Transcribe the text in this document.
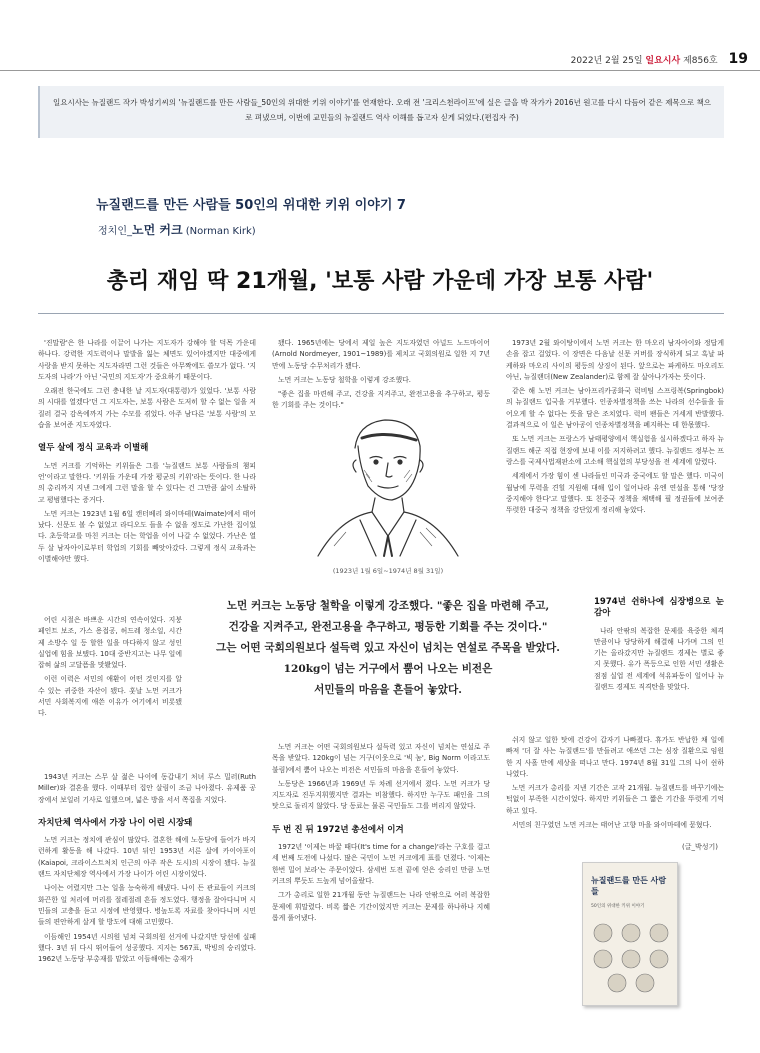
2022년 2월 25일 일요시사 제856호 19

일요시사는 뉴질랜드 작가 박성기씨의 '뉴질랜드를 만든 사람들_50인의 위대한 키위 이야기'를 연재한다. 오래 전 '크리스천라이프'에 실은 글을 박 작가가 2016년 원고를 다시 다듬어 같은 제목으로 책으로 펴냈으며, 이번에 교민들의 뉴질랜드 역사 이해를 돕고자 싣게 되었다.(편집자 주)

뉴질랜드를 만든 사람들 50인의 위대한 키위 이야기 7
정치인_노먼 커크 (Norman Kirk)
총리 재임 딱 21개월, '보통 사람 가운데 가장 보통 사람'

'진말람'은 한 나라를 이끌어 나가는 지도자가 강해야 할 덕목 가운데 하나다. 강력한 지도력이나 말발을 잃는 체면도 있어야겠지만 대중에게 사랑을 받지 못하는 지도자라면 그런 것들은 아무짝에도 쓸모가 없다. '지도자의 나라'가 아닌 '국민의 지도자'가 중요하기 때문이다.

오래전 한국에도 그런 충내한 날 지도자(대통령)가 있었다. '보통 사람의 시대를 열겠다'던 그 지도자는, 보통 사람은 도저히 할 수 없는 일을 저질러 결국 감옥에까지 가는 수모를 겪었다. 아주 남다른 '보통 사람'의 모습을 보여준 지도자였다.

열두 살에 정식 교육과 이별해

노먼 커크를 기억하는 키위들은 그를 '뉴질랜드 보통 사람들의 챔피언'이라고 말한다. '키위들 가운데 가장 평균의 키위'라는 뜻이다. 한 나라의 총리까지 지낸 그에게 그런 말을 할 수 있다는 건 그만큼 삶이 소탈하고 평범했다는 증거다.

노먼 커크는 1923년 1월 6일 캔터베리 와이마테(Waimate)에서 태어났다. 신문도 볼 수 없었고 라디오도 들을 수 없을 정도로 가난한 집이었다. 초등학교를 마친 커크는 더는 학업을 이어 나갈 수 없었다. 가난은 열두 살 남자아이로부터 학업의 기회를 빼앗아갔다. 그렇게 정식 교육과는 이별해야만 했다.

어린 시절은 바쁘운 시간의 연속이었다. 지붕 페인트 보조, 가스 용접공, 허드레 청소일, 시간제 소방수 일 등 할한 일을 마다하지 않고 성인 실업에 힘을 보탰다. 10대 중반지고는 나무 일에 잡혀 삶의 고달픔을 맛봤었다.

이런 이력은 서민의 애환이 어떤 것인지를 알 수 있는 귀중한 자산이 됐다. 훗날 노먼 커크가 서민 사회복지에 애쓴 이유가 여기에서 비롯됐다.

1943년 커크는 스무 살 젊은 나이에 동갑내기 처녀 루스 밀러(Ruth Miller)와 결혼을 했다. 이때부터 집안 살림이 조금 나아졌다. 유제품 공장에서 보일러 기사로 일했으며, 넓은 방을 서서 쪽집을 지었다.

자치단체 역사에서 가장 나이 어린 시장돼

노먼 커크는 정치에 관심이 많았다. 결혼한 해에 노동당에 들어가 바지런하게 활동을 해 나갔다. 10년 뒤인 1953년 서른 살에 카이아포이(Kaiapoi, 크라이스트처치 인근의 아주 작은 도시)의 시장이 됐다. 뉴질랜드 자치단체장 역사에서 가장 나이가 어린 시장이었다.

나이는 어렸지만 그는 일을 능숙하게 해냈다. 나이 든 관료들이 커크의 화끈한 일 처리에 머리를 절레절레 흔들 정도였다. 행정을 잘아다니며 시민들의 고충을 듣고 시정에 반영했다. 병높도록 자료를 찾아다니며 시민들의 편안하게 살게 할 방도에 대해 고민했다.

이듬해인 1954년 시의원 넘쳐 국회의원 선거에 나갔지만 당선에 실패했다. 3년 뒤 다시 뛰어들어 성공했다. 지지는 567표, 박빙의 승리였다. 1962년 노동당 부총재를 맡았고 이듬해에는 총재가

됐다. 1965년에는 당에서 제일 높은 지도자였던 아널드 노드마이어(Arnold Nordmeyer, 1901~1989)를 제치고 국회의원로 일한 지 7년 만에 노동당 수무처리가 됐다.

노먼 커크는 노동당 철학을 이렇게 강조했다.

"좋은 집을 마련해 주고, 건강을 지켜주고, 완전고용을 추구하고, 평등한 기회를 주는 것이다."

노먼 커크는 어떤 국회의원보다 설득력 있고 자신이 넘치는 연설로 주목을 받았다. 120kg이 넘는 거구(이웃으로 '빅 놈', Big Norm 이라고도 불림)에서 뿜어 나오는 비전은 서민들의 마음을 흔들어 놓았다.

노동당은 1966년과 1969년 두 차례 선거에서 졌다. 노먼 커크가 당 지도자로 진두지휘했지만 결과는 비참했다. 하지만 누구도 패인을 그의 탓으로 돌리지 않았다. 당 동료는 물론 국민들도 그를 버리지 않았다.

두 번 진 뒤 1972년 총선에서 이겨

1972년 '이제는 바꿀 때다(It's time for a change)'라는 구호를 걸고 세 번째 도전에 나섰다. 많은 국민이 노먼 커크에게 표를 던졌다. '이제는 한번 밀어 보라'는 주문이었다. 삼세번 도전 끝에 얻은 승리인 만큼 노먼 커크의 뿌듯도 드높게 넘어올랐다.

그가 총리로 일한 21개월 동안 뉴질랜드는 나라 안팎으로 여러 복잡한 문제에 휘말렸다. 비록 짧은 기간이었지만 커크는 문제를 하나하나 지혜롭게 풀어냈다.

(1923년 1월 6일~1974년 8월 31일)
노먼 커크는 노동당 철학을 이렇게 강조했다. "좋은 집을 마련해 주고,
건강을 지켜주고, 완전고용을 추구하고, 평등한 기회를 주는 것이다."
그는 어떤 국회의원보다 설득력 있고 자신이 넘치는 연설로 주목을 받았다.
120kg이 넘는 거구에서 뿜어 나오는 비전은
서민들의 마음을 흔들어 놓았다.

1973년 2월 와이탕이에서 노먼 커크는 한 마오리 남자아이와 정답게 손을 잡고 걸었다. 이 장면은 다음날 신문 커버를 장식하게 되고 흑날 파케하와 마오리 사이의 평등의 상징이 된다. 앞으로는 파케하도 마오리도 아닌, 뉴질랜더(New Zealander)로 함께 잘 살아나가자는 뜻이다.

같은 해 노먼 커크는 남아프리카공화국 럭비팀 스프링복(Springbok)의 뉴질랜드 입국을 거부했다. 인종차별정책을 쓰는 나라의 선수들을 들어오게 할 수 없다는 뜻을 담은 조치였다. 럭비 팬들은 거세게 반발했다. 결과적으로 이 일은 남아공이 인종차별정책을 폐지하는 데 한몫했다.

또 노먼 커크는 프랑스가 남태평양에서 핵실험을 실시하겠다고 하자 뉴질랜드 해군 직접 현장에 보내 이를 저지하려고 했다. 뉴질랜드 정부는 프랑스를 국제사법재판소에 고소해 핵실험의 부당성을 전 세계에 알렸다.

세계에서 가장 힘이 센 나라들인 미국과 중국에도 할 말은 했다. 미국이 월남에 무력을 견힐 지원해 대해 입이 일어나라 유엔 연설을 통해 '당장 중지해야 한다'고 말했다. 또 친중국 정책을 채택해 필 정권들에 보여준 뚜렷한 대중국 정책을 강단있게 정리해 놓았다.

1974년 쉰하나에 심장병으로 눈감아

나라 안팎의 복잡한 문제를 육중한 체격만큼이나 당당하게 해결해 나가며 그의 인기는 올라갔지만 뉴질랜드 경제는 별로 좋지 못했다. 유가 폭등으로 인한 서민 생활은 점점 실업 전 세계에 석유파동이 일어나 뉴질랜드 경제도 직격탄을 맞았다.

쉬지 않고 일한 탓에 건강이 갑자기 나빠졌다. 휴가도 반납한 채 일에 빠져 '더 잘 사는 뉴질랜드'를 만들려고 애쓰던 그는 심장 질환으로 임원 한 지 사흘 만에 세상을 떠나고 만다. 1974년 8월 31일 그의 나이 쉰하나였다.

노먼 커크가 총리를 지낸 기간은 고작 21개월. 뉴질랜드를 바꾸기에는 턱없이 부족한 시간이었다. 하지만 키위들은 그 짧은 기간을 뚜렷게 기억하고 있다.

서민의 친구였던 노먼 커크는 태어난 고향 마을 와이마테에 묻혔다.

(글_박성기)
뉴질랜드를 만든 사람들
50인의 위대한 키위 이야기
